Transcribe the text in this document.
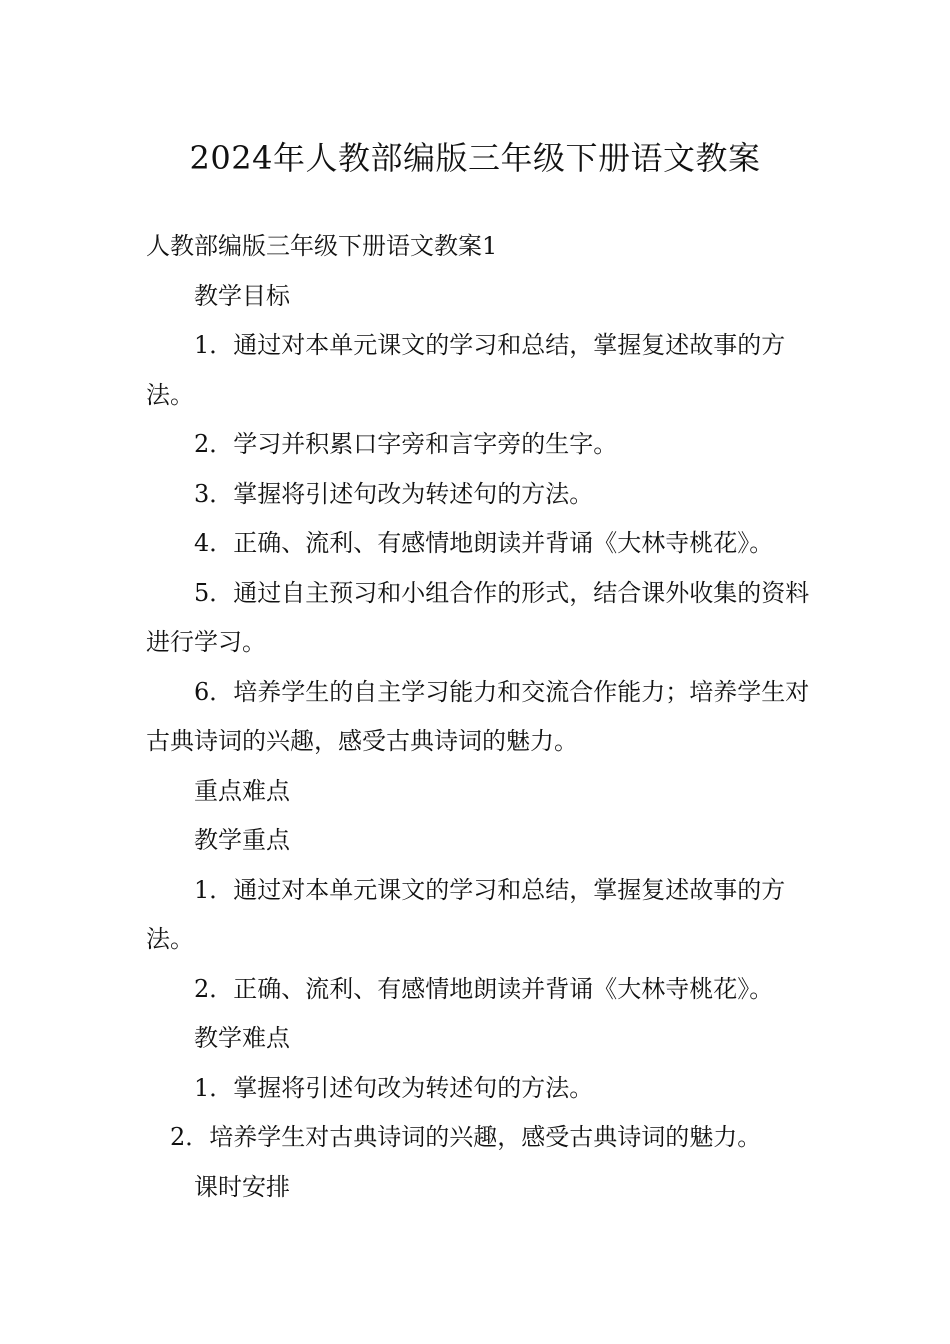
2024年人教部编版三年级下册语文教案

人教部编版三年级下册语文教案1

教学目标

1．通过对本单元课文的学习和总结，掌握复述故事的方法。

2．学习并积累口字旁和言字旁的生字。

3．掌握将引述句改为转述句的方法。

4．正确、流利、有感情地朗读并背诵《大林寺桃花》。

5．通过自主预习和小组合作的形式，结合课外收集的资料进行学习。

6．培养学生的自主学习能力和交流合作能力；培养学生对古典诗词的兴趣，感受古典诗词的魅力。

重点难点

教学重点

1．通过对本单元课文的学习和总结，掌握复述故事的方法。

2．正确、流利、有感情地朗读并背诵《大林寺桃花》。

教学难点

1．掌握将引述句改为转述句的方法。

2．培养学生对古典诗词的兴趣，感受古典诗词的魅力。

课时安排
